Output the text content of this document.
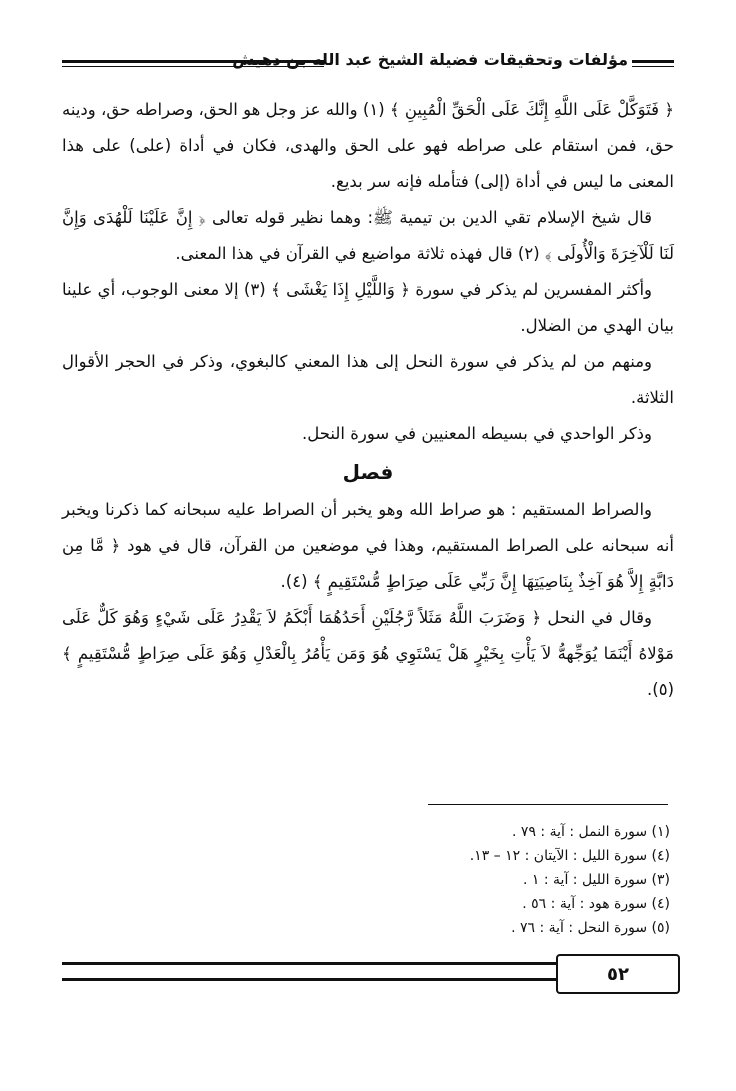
مؤلفات وتحقيقات فضيلة الشيخ عبد الله بن دهيش

﴿ فَتَوَكَّلْ عَلَى اللَّهِ إِنَّكَ عَلَى الْحَقِّ الْمُبِينِ ﴾ (١) والله عز وجل هو الحق، وصراطه حق، ودينه حق، فمن استقام على صراطه فهو على الحق والهدى، فكان في أداة (على) على هذا المعنى ما ليس في أداة (إلى) فتأمله فإنه سر بديع.

قال شيخ الإسلام تقي الدين بن تيمية ﷺ: وهما نظير قوله تعالى ﴿ إِنَّ عَلَيْنَا لَلْهُدَى وَإِنَّ لَنَا لَلْآخِرَةَ وَالْأُولَى ﴾ (٢) قال فهذه ثلاثة مواضيع في القرآن في هذا المعنى.

وأكثر المفسرين لم يذكر في سورة ﴿ وَاللَّيْلِ إِذَا يَغْشَى ﴾ (٣) إلا معنى الوجوب، أي علينا بيان الهدي من الضلال.

ومنهم من لم يذكر في سورة النحل إلى هذا المعني كالبغوي، وذكر في الحجر الأقوال الثلاثة.

وذكر الواحدي في بسيطه المعنيين في سورة النحل.

فصل

والصراط المستقيم : هو صراط الله وهو يخبر أن الصراط عليه سبحانه كما ذكرنا ويخبر أنه سبحانه على الصراط المستقيم، وهذا في موضعين من القرآن، قال في هود ﴿ مَّا مِن دَابَّةٍ إِلاَّ هُوَ آخِذٌ بِنَاصِيَتِهَا إِنَّ رَبِّي عَلَى صِرَاطٍ مُّسْتَقِيمٍ ﴾ (٤).

وقال في النحل ﴿ وَضَرَبَ اللَّهُ مَثَلاً رَّجُلَيْنِ أَحَدُهُمَا أَبْكَمُ لاَ يَقْدِرُ عَلَى شَيْءٍ وَهُوَ كَلٌّ عَلَى مَوْلاهُ أَيْنَمَا يُوَجِّههُّ لاَ يَأْتِ بِخَيْرٍ هَلْ يَسْتَوِي هُوَ وَمَن يَأْمُرُ بِالْعَدْلِ وَهُوَ عَلَى صِرَاطٍ مُّسْتَقِيمٍ ﴾ (٥).

(١) سورة النمل : آية : ٧٩ .
(٤) سورة الليل : الآيتان : ١٢ – ١٣.
(٣) سورة الليل : آية : ١ .
(٤) سورة هود : آية : ٥٦ .
(٥) سورة النحل : آية : ٧٦ .
٥٢
